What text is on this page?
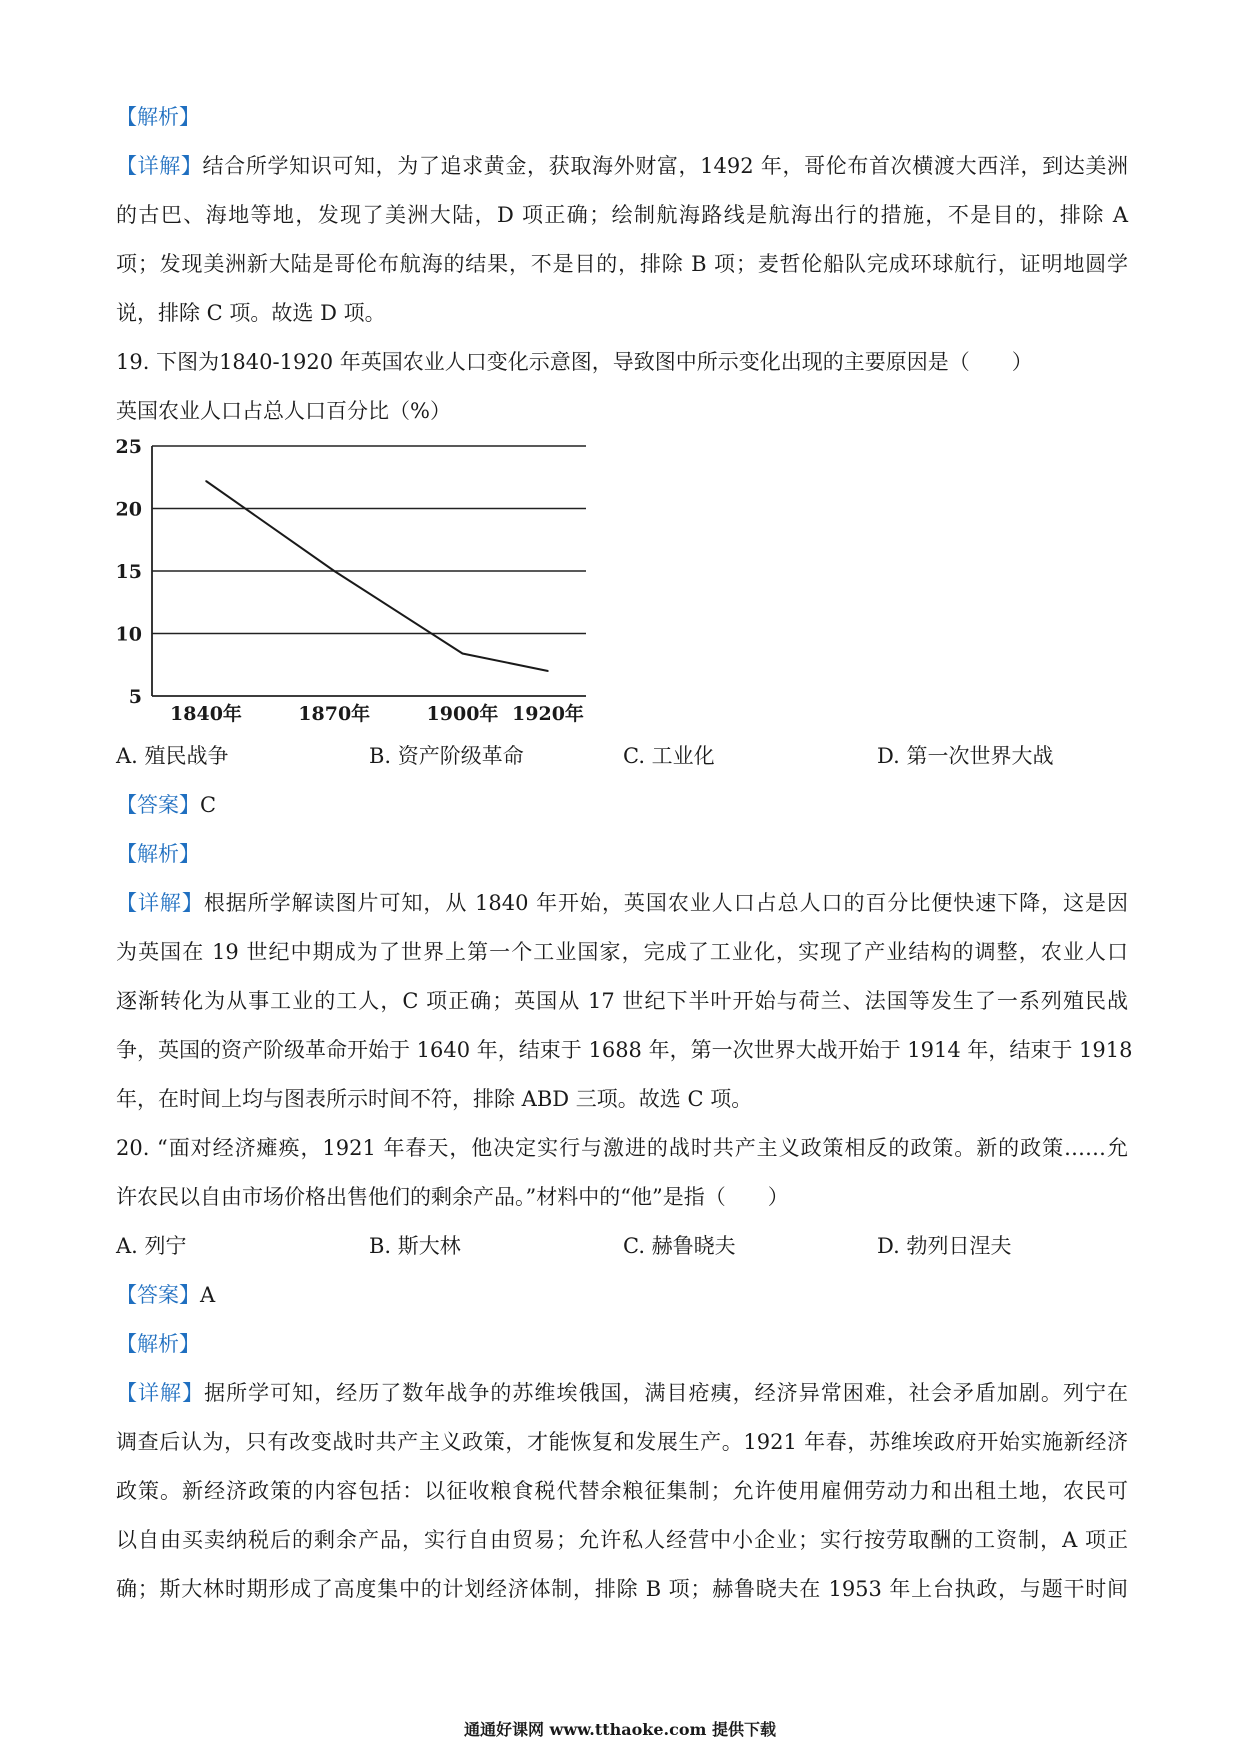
【解析】
【详解】结合所学知识可知，为了追求黄金，获取海外财富，1492 年，哥伦布首次横渡大西洋，到达美洲
的古巴、海地等地，发现了美洲大陆，D 项正确；绘制航海路线是航海出行的措施，不是目的，排除 A
项；发现美洲新大陆是哥伦布航海的结果，不是目的，排除 B 项；麦哲伦船队完成环球航行，证明地圆学
说，排除 C 项。故选 D 项。
19. 下图为1840-1920 年英国农业人口变化示意图，导致图中所示变化出现的主要原因是（　　）
英国农业人口占总人口百分比（%）
25
20
15
10
5
1840年	1870年	1900年 1920年
A. 殖民战争	B. 资产阶级革命	C. 工业化	D. 第一次世界大战
【答案】C
【解析】
【详解】根据所学解读图片可知，从 1840 年开始，英国农业人口占总人口的百分比便快速下降，这是因
为英国在 19 世纪中期成为了世界上第一个工业国家，完成了工业化，实现了产业结构的调整，农业人口
逐渐转化为从事工业的工人，C 项正确；英国从 17 世纪下半叶开始与荷兰、法国等发生了一系列殖民战
争，英国的资产阶级革命开始于 1640 年，结束于 1688 年，第一次世界大战开始于 1914 年，结束于 1918
年，在时间上均与图表所示时间不符，排除 ABD 三项。故选 C 项。
20. “面对经济瘫痪，1921 年春天，他决定实行与激进的战时共产主义政策相反的政策。新的政策……允
许农民以自由市场价格出售他们的剩余产品。”材料中的“他”是指（　　）
A. 列宁	B. 斯大林	C. 赫鲁晓夫	D. 勃列日涅夫
【答案】A
【解析】
【详解】据所学可知，经历了数年战争的苏维埃俄国，满目疮痍，经济异常困难，社会矛盾加剧。列宁在
调查后认为，只有改变战时共产主义政策，才能恢复和发展生产。1921 年春，苏维埃政府开始实施新经济
政策。新经济政策的内容包括：以征收粮食税代替余粮征集制；允许使用雇佣劳动力和出租土地，农民可
以自由买卖纳税后的剩余产品，实行自由贸易；允许私人经营中小企业；实行按劳取酬的工资制，A 项正
确；斯大林时期形成了高度集中的计划经济体制，排除 B 项；赫鲁晓夫在 1953 年上台执政，与题干时间
通通好课网 www.tthaoke.com 提供下载
